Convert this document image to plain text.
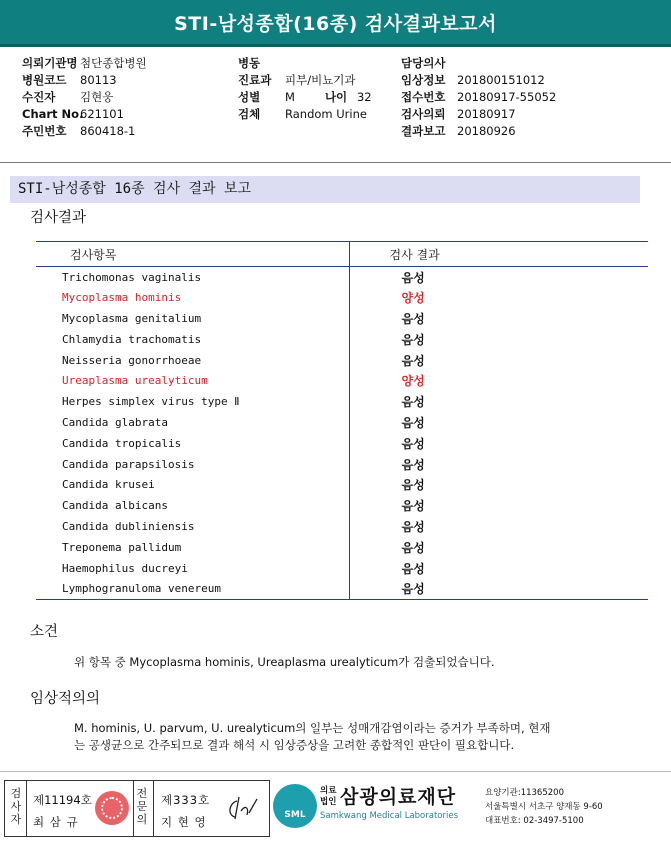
STI-남성종합(16종) 검사결과보고서
의뢰기관명 첨단종합병원
병원코드	80113
수진자	김현웅
Chart No.
621101
주민번호	860418-1
병동
진료과	피부/비뇨기과
성별	M	나이 32
검체	Random Urine
담당의사
임상정보	201800151012
접수번호	20180917-55052
검사의뢰	20180917
결과보고	20180926
STI-남성종합 16종 검사 결과 보고
검사결과
검사항목	검사 결과
Trichomonas vaginalis	음성
Mycoplasma hominis	양성
Mycoplasma genitalium	음성
Chlamydia trachomatis	음성
Neisseria gonorrhoeae	음성
Ureaplasma urealyticum	양성
Herpes simplex virus type Ⅱ	음성
Candida glabrata	음성
Candida tropicalis	음성
Candida parapsilosis	음성
Candida krusei	음성
Candida albicans	음성
Candida dubliniensis	음성
Treponema pallidum	음성
Haemophilus ducreyi	음성
Lymphogranuloma venereum	음성
소견
위 항목 중 Mycoplasma hominis, Ureaplasma urealyticum가 검출되었습니다.
임상적의의
M. hominis, U. parvum, U. urealyticum의 일부는 성매개감염이라는 증거가 부족하며, 현재
는 공생균으로 간주되므로 결과 해석 시 임상증상을 고려한 종합적인 판단이 필요합니다.
검사자
제11194호
최 삼 규
전문의
제333호
지 현 영	SML
의료법인 삼광의료재단
Samkwang Medical Laboratories
요양기관:11365200
서울특별시 서초구 양재동 9-60
대표번호: 02-3497-5100
